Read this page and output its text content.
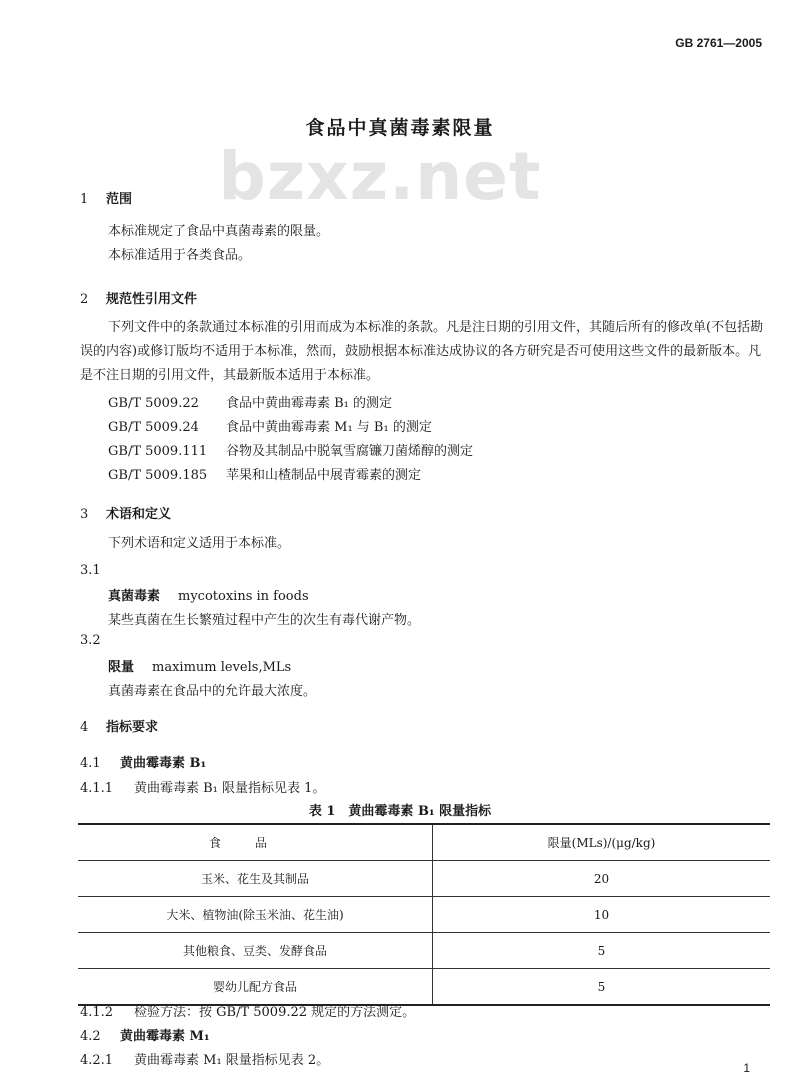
GB 2761—2005
食品中真菌毒素限量
bzxz.net
1 范围
本标准规定了食品中真菌毒素的限量。
本标准适用于各类食品。
2 规范性引用文件
下列文件中的条款通过本标准的引用而成为本标准的条款。凡是注日期的引用文件，其随后所有的修改单(不包括勘误的内容)或修订版均不适用于本标准，然而，鼓励根据本标准达成协议的各方研究是否可使用这些文件的最新版本。凡是不注日期的引用文件，其最新版本适用于本标准。
GB/T 5009.22 食品中黄曲霉毒素 B₁ 的测定
GB/T 5009.24 食品中黄曲霉毒素 M₁ 与 B₁ 的测定
GB/T 5009.111 谷物及其制品中脱氧雪腐镰刀菌烯醇的测定
GB/T 5009.185 苹果和山楂制品中展青霉素的测定
3 术语和定义
下列术语和定义适用于本标准。
3.1
真菌毒素 mycotoxins in foods
某些真菌在生长繁殖过程中产生的次生有毒代谢产物。
3.2
限量 maximum levels,MLs
真菌毒素在食品中的允许最大浓度。
4 指标要求
4.1 黄曲霉毒素 B₁
4.1.1 黄曲霉毒素 B₁ 限量指标见表 1。
表 1　黄曲霉毒素 B₁ 限量指标
食品	限量(MLs)/(μg/kg)
玉米、花生及其制品	20
大米、植物油(除玉米油、花生油)	10
其他粮食、豆类、发酵食品	5
婴幼儿配方食品	5
4.1.2 检验方法：按 GB/T 5009.22 规定的方法测定。
4.2 黄曲霉毒素 M₁
4.2.1 黄曲霉毒素 M₁ 限量指标见表 2。	1
